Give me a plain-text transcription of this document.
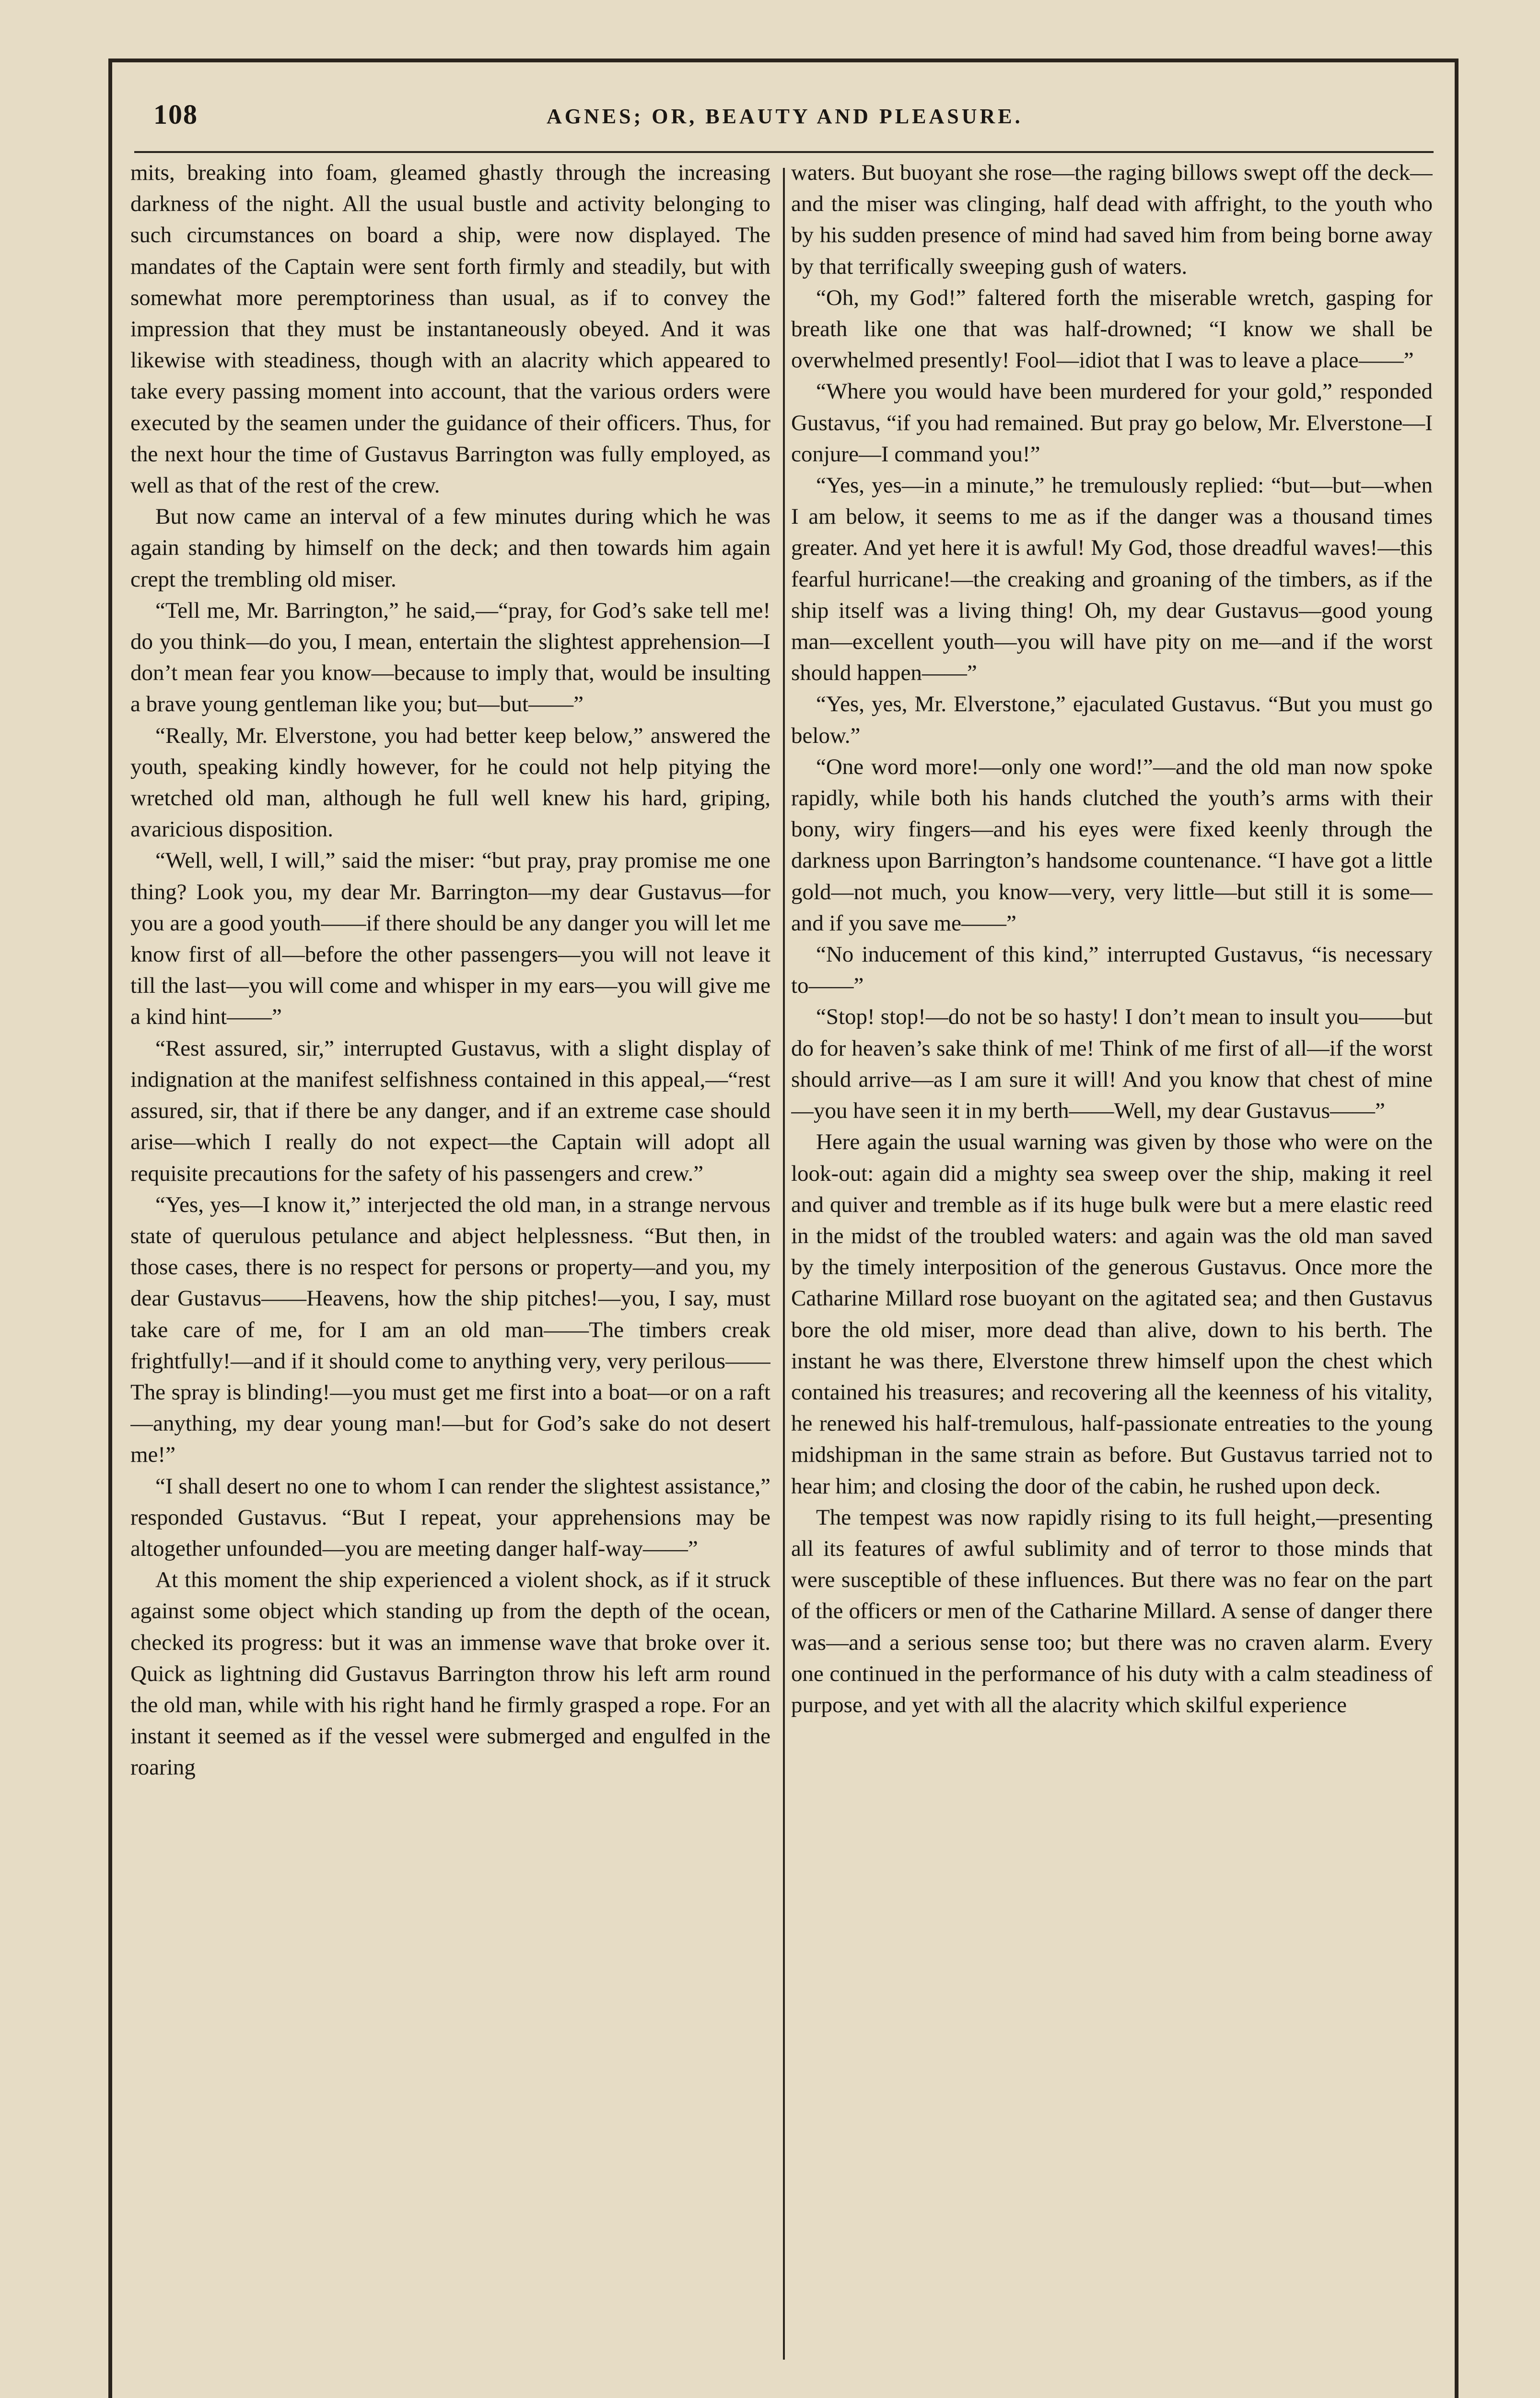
108	AGNES; OR, BEAUTY AND PLEASURE.

mits, breaking into foam, gleamed ghastly through the increasing darkness of the night. All the usual bustle and activity belonging to such circumstances on board a ship, were now displayed. The mandates of the Captain were sent forth firmly and steadily, but with somewhat more peremptoriness than usual, as if to convey the impression that they must be instantaneously obeyed. And it was likewise with steadiness, though with an alacrity which appeared to take every passing moment into account, that the various orders were executed by the seamen under the guidance of their officers. Thus, for the next hour the time of Gustavus Barrington was fully employed, as well as that of the rest of the crew.

But now came an interval of a few minutes during which he was again standing by himself on the deck; and then towards him again crept the trembling old miser.

“Tell me, Mr. Barrington,” he said,—“pray, for God’s sake tell me! do you think—do you, I mean, entertain the slightest apprehension—I don’t mean fear you know—because to imply that, would be insulting a brave young gentleman like you; but—but——”

“Really, Mr. Elverstone, you had better keep below,” answered the youth, speaking kindly however, for he could not help pitying the wretched old man, although he full well knew his hard, griping, avaricious disposition.

“Well, well, I will,” said the miser: “but pray, pray promise me one thing? Look you, my dear Mr. Barrington—my dear Gustavus—for you are a good youth——if there should be any danger you will let me know first of all—before the other passengers—you will not leave it till the last—you will come and whisper in my ears—you will give me a kind hint——”

“Rest assured, sir,” interrupted Gustavus, with a slight display of indignation at the manifest selfishness contained in this appeal,—“rest assured, sir, that if there be any danger, and if an extreme case should arise—which I really do not expect—the Captain will adopt all requisite precautions for the safety of his passengers and crew.”

“Yes, yes—I know it,” interjected the old man, in a strange nervous state of querulous petulance and abject helplessness. “But then, in those cases, there is no respect for persons or property—and you, my dear Gustavus——Heavens, how the ship pitches!—you, I say, must take care of me, for I am an old man——The timbers creak frightfully!—and if it should come to anything very, very perilous——The spray is blinding!—you must get me first into a boat—or on a raft—anything, my dear young man!—but for God’s sake do not desert me!”

“I shall desert no one to whom I can render the slightest assistance,” responded Gustavus. “But I repeat, your apprehensions may be altogether unfounded—you are meeting danger half-way——”

At this moment the ship experienced a violent shock, as if it struck against some object which standing up from the depth of the ocean, checked its progress: but it was an immense wave that broke over it. Quick as lightning did Gustavus Barrington throw his left arm round the old man, while with his right hand he firmly grasped a rope. For an instant it seemed as if the vessel were submerged and engulfed in the roaring

waters. But buoyant she rose—the raging billows swept off the deck—and the miser was clinging, half dead with affright, to the youth who by his sudden presence of mind had saved him from being borne away by that terrifically sweeping gush of waters.

“Oh, my God!” faltered forth the miserable wretch, gasping for breath like one that was half-drowned; “I know we shall be overwhelmed presently! Fool—idiot that I was to leave a place——”

“Where you would have been murdered for your gold,” responded Gustavus, “if you had remained. But pray go below, Mr. Elverstone—I conjure—I command you!”

“Yes, yes—in a minute,” he tremulously replied: “but—but—when I am below, it seems to me as if the danger was a thousand times greater. And yet here it is awful! My God, those dreadful waves!—this fearful hurricane!—the creaking and groaning of the timbers, as if the ship itself was a living thing! Oh, my dear Gustavus—good young man—excellent youth—you will have pity on me—and if the worst should happen——”

“Yes, yes, Mr. Elverstone,” ejaculated Gustavus. “But you must go below.”

“One word more!—only one word!”—and the old man now spoke rapidly, while both his hands clutched the youth’s arms with their bony, wiry fingers—and his eyes were fixed keenly through the darkness upon Barrington’s handsome countenance. “I have got a little gold—not much, you know—very, very little—but still it is some—and if you save me——”

“No inducement of this kind,” interrupted Gustavus, “is necessary to——”

“Stop! stop!—do not be so hasty! I don’t mean to insult you——but do for heaven’s sake think of me! Think of me first of all—if the worst should arrive—as I am sure it will! And you know that chest of mine—you have seen it in my berth——Well, my dear Gustavus——”

Here again the usual warning was given by those who were on the look-out: again did a mighty sea sweep over the ship, making it reel and quiver and tremble as if its huge bulk were but a mere elastic reed in the midst of the troubled waters: and again was the old man saved by the timely interposition of the generous Gustavus. Once more the Catharine Millard rose buoyant on the agitated sea; and then Gustavus bore the old miser, more dead than alive, down to his berth. The instant he was there, Elverstone threw himself upon the chest which contained his treasures; and recovering all the keenness of his vitality, he renewed his half-tremulous, half-passionate entreaties to the young midshipman in the same strain as before. But Gustavus tarried not to hear him; and closing the door of the cabin, he rushed upon deck.

The tempest was now rapidly rising to its full height,—presenting all its features of awful sublimity and of terror to those minds that were susceptible of these influences. But there was no fear on the part of the officers or men of the Catharine Millard. A sense of danger there was—and a serious sense too; but there was no craven alarm. Every one continued in the performance of his duty with a calm steadiness of purpose, and yet with all the alacrity which skilful experience
